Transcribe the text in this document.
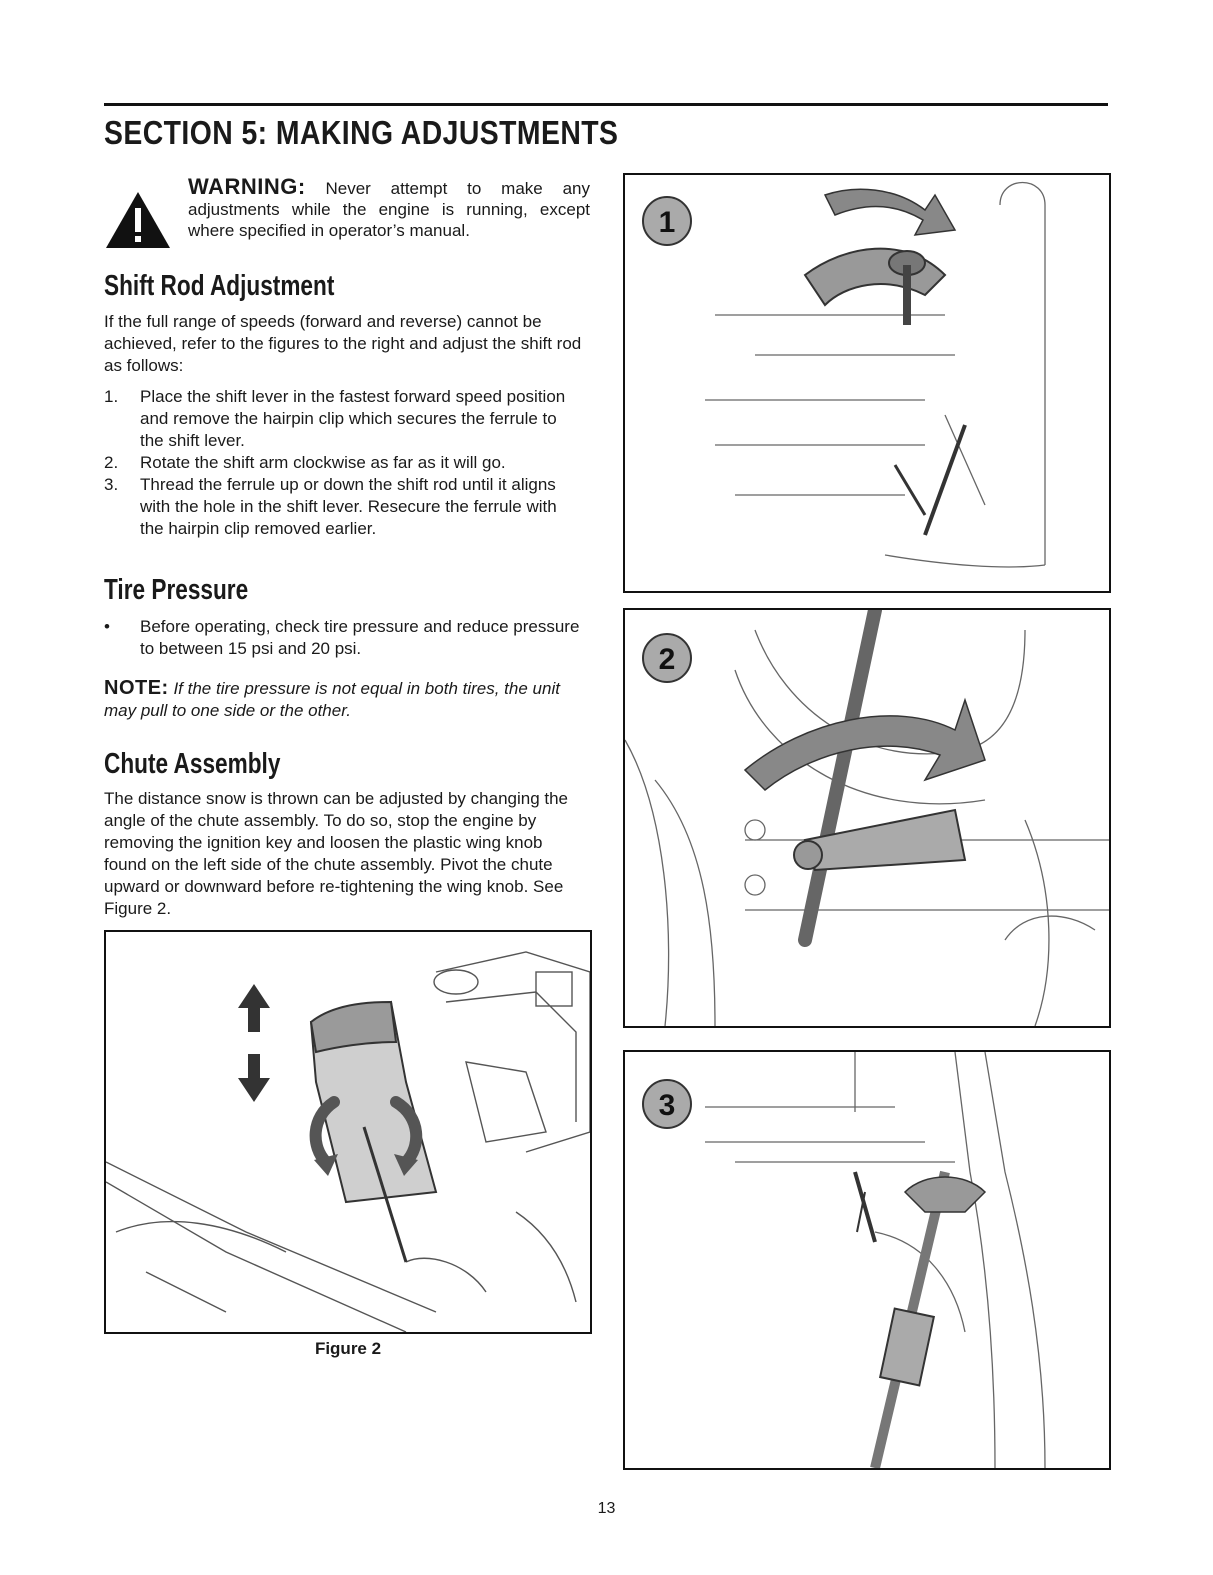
SECTION 5: MAKING ADJUSTMENTS
WARNING: Never attempt to make any adjustments while the engine is running, except where specified in operator’s manual.
Shift Rod Adjustment

If the full range of speeds (forward and reverse) cannot be achieved, refer to the figures to the right and adjust the shift rod as follows:

1. Place the shift lever in the fastest forward speed position and remove the hairpin clip which secures the ferrule to the shift lever.
2. Rotate the shift arm clockwise as far as it will go.
3. Thread the ferrule up or down the shift rod until it aligns with the hole in the shift lever. Resecure the ferrule with the hairpin clip removed earlier.
Tire Pressure
• Before operating, check tire pressure and reduce pressure to between 15 psi and 20 psi.

NOTE: If the tire pressure is not equal in both tires, the unit may pull to one side or the other.

Chute Assembly

The distance snow is thrown can be adjusted by changing the angle of the chute assembly. To do so, stop the engine by removing the ignition key and loosen the plastic wing knob found on the left side of the chute assembly. Pivot the chute upward or downward before re-tightening the wing knob. See Figure 2.

Figure 2
1
2
3
13
